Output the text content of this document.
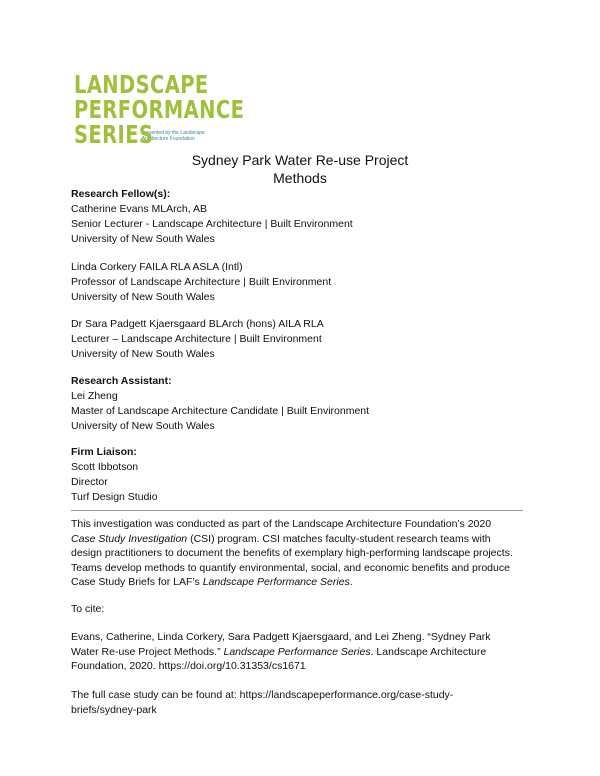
LANDSCAPE
PERFORMANCE
SERIES
presented by the Landscape Architecture Foundation
Sydney Park Water Re-use Project
Methods
Research Fellow(s):
Catherine Evans MLArch, AB
Senior Lecturer - Landscape Architecture | Built Environment
University of New South Wales
Linda Corkery FAILA RLA ASLA (Intl)
Professor of Landscape Architecture | Built Environment
University of New South Wales
Dr Sara Padgett Kjaersgaard BLArch (hons) AILA RLA
Lecturer – Landscape Architecture | Built Environment
University of New South Wales
Research Assistant:
Lei Zheng
Master of Landscape Architecture Candidate | Built Environment
University of New South Wales
Firm Liaison:
Scott Ibbotson
Director
Turf Design Studio
This investigation was conducted as part of the Landscape Architecture Foundation’s 2020
Case Study Investigation (CSI) program. CSI matches faculty-student research teams with
design practitioners to document the benefits of exemplary high-performing landscape projects.
Teams develop methods to quantify environmental, social, and economic benefits and produce
Case Study Briefs for LAF’s Landscape Performance Series.
To cite:
Evans, Catherine, Linda Corkery, Sara Padgett Kjaersgaard, and Lei Zheng. “Sydney Park
Water Re-use Project Methods.” Landscape Performance Series. Landscape Architecture
Foundation, 2020. https://doi.org/10.31353/cs1671
The full case study can be found at: https://landscapeperformance.org/case-study-
briefs/sydney-park
